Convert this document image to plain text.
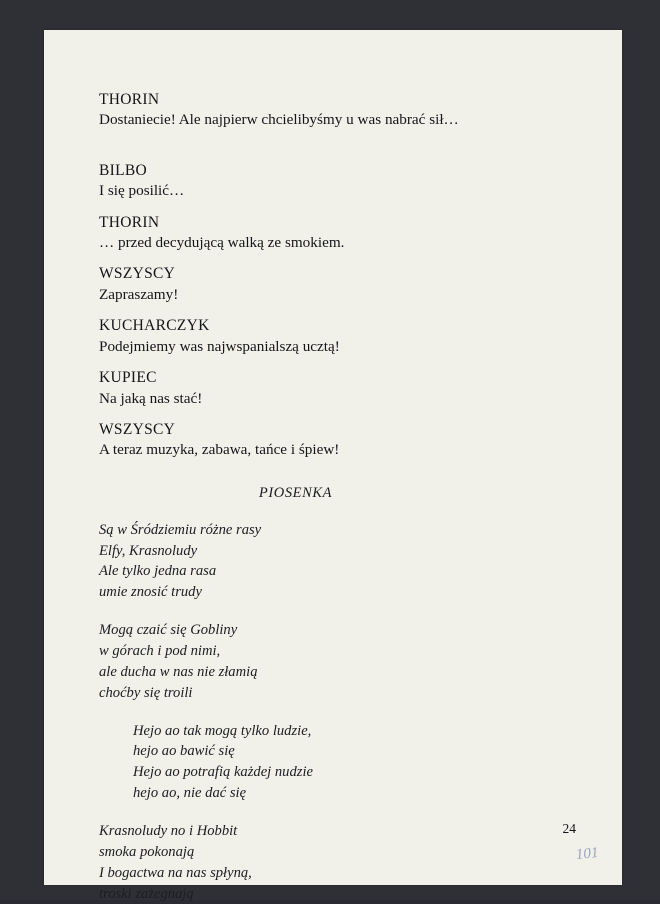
THORIN
Dostaniecie! Ale najpierw chcielibyśmy u was nabrać sił…
BILBO
I się posilić…
THORIN
… przed decydującą walką ze smokiem.
WSZYSCY
Zapraszamy!
KUCHARCZYK
Podejmiemy was najwspanialszą ucztą!
KUPIEC
Na jaką nas stać!
WSZYSCY
A teraz muzyka, zabawa, tańce i śpiew!
PIOSENKA
Są w Śródziemiu różne rasy
Elfy, Krasnoludy
Ale tylko jedna rasa
umie znosić trudy
Mogą czaić się Gobliny
w górach i pod nimi,
ale ducha w nas nie złamią
choćby się troili
Hejo ao tak mogą tylko ludzie,
hejo ao bawić się
Hejo ao potrafią każdej nudzie
hejo ao, nie dać się
Krasnoludy no i Hobbit
smoka pokonają
I bogactwa na nas spłyną,
troski zażegnają
24
101
